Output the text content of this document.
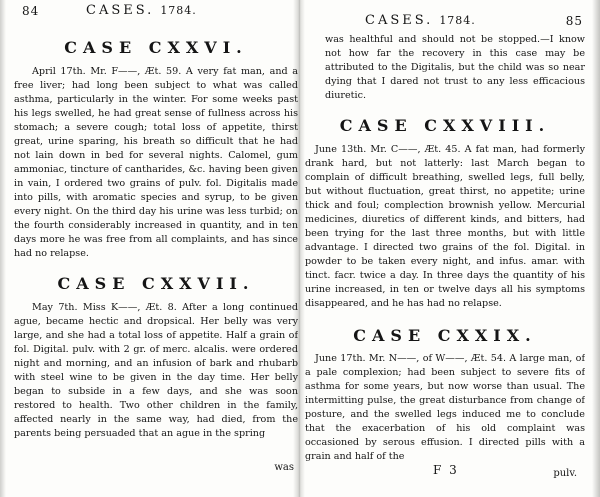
84	CASES. 1784.
CASE CXXVI.

April 17th. Mr. F——, Æt. 59. A very fat man, and a free liver; had long been subject to what was called asthma, particularly in the winter. For some weeks past his legs swelled, he had great sense of fullness across his stomach; a severe cough; total loss of appetite, thirst great, urine sparing, his breath so difficult that he had not lain down in bed for several nights. Calomel, gum ammoniac, tincture of cantharides, &c. having been given in vain, I ordered two grains of pulv. fol. Digitalis made into pills, with aromatic species and syrup, to be given every night. On the third day his urine was less turbid; on the fourth considerably increased in quantity, and in ten days more he was free from all complaints, and has since had no relapse.

CASE CXXVII.

May 7th. Miss K——, Æt. 8. After a long continued ague, became hectic and dropsical. Her belly was very large, and she had a total loss of appetite. Half a grain of fol. Digital. pulv. with 2 gr. of merc. alcalis. were ordered night and morning, and an infusion of bark and rhubarb with steel wine to be given in the day time. Her belly began to subside in a few days, and she was soon restored to health. Two other children in the family, affected nearly in the same way, had died, from the parents being persuaded that an ague in the spring

was
CASES. 1784.	85

was healthful and should not be stopped.—I know not how far the recovery in this case may be attributed to the Digitalis, but the child was so near dying that I dared not trust to any less efficacious diuretic.

CASE CXXVIII.

June 13th. Mr. C——, Æt. 45. A fat man, had formerly drank hard, but not latterly: last March began to complain of difficult breathing, swelled legs, full belly, but without fluctuation, great thirst, no appetite; urine thick and foul; complection brownish yellow. Mercurial medicines, diuretics of different kinds, and bitters, had been trying for the last three months, but with little advantage. I directed two grains of the fol. Digital. in powder to be taken every night, and infus. amar. with tinct. facr. twice a day. In three days the quantity of his urine increased, in ten or twelve days all his symptoms disappeared, and he has had no relapse.

CASE CXXIX.

June 17th. Mr. N——, of W——, Æt. 54. A large man, of a pale complexion; had been subject to severe fits of asthma for some years, but now worse than usual. The intermitting pulse, the great disturbance from change of posture, and the swelled legs induced me to conclude that the exacerbation of his old complaint was occasioned by serous effusion. I directed pills with a grain and half of the

F 3	pulv.
